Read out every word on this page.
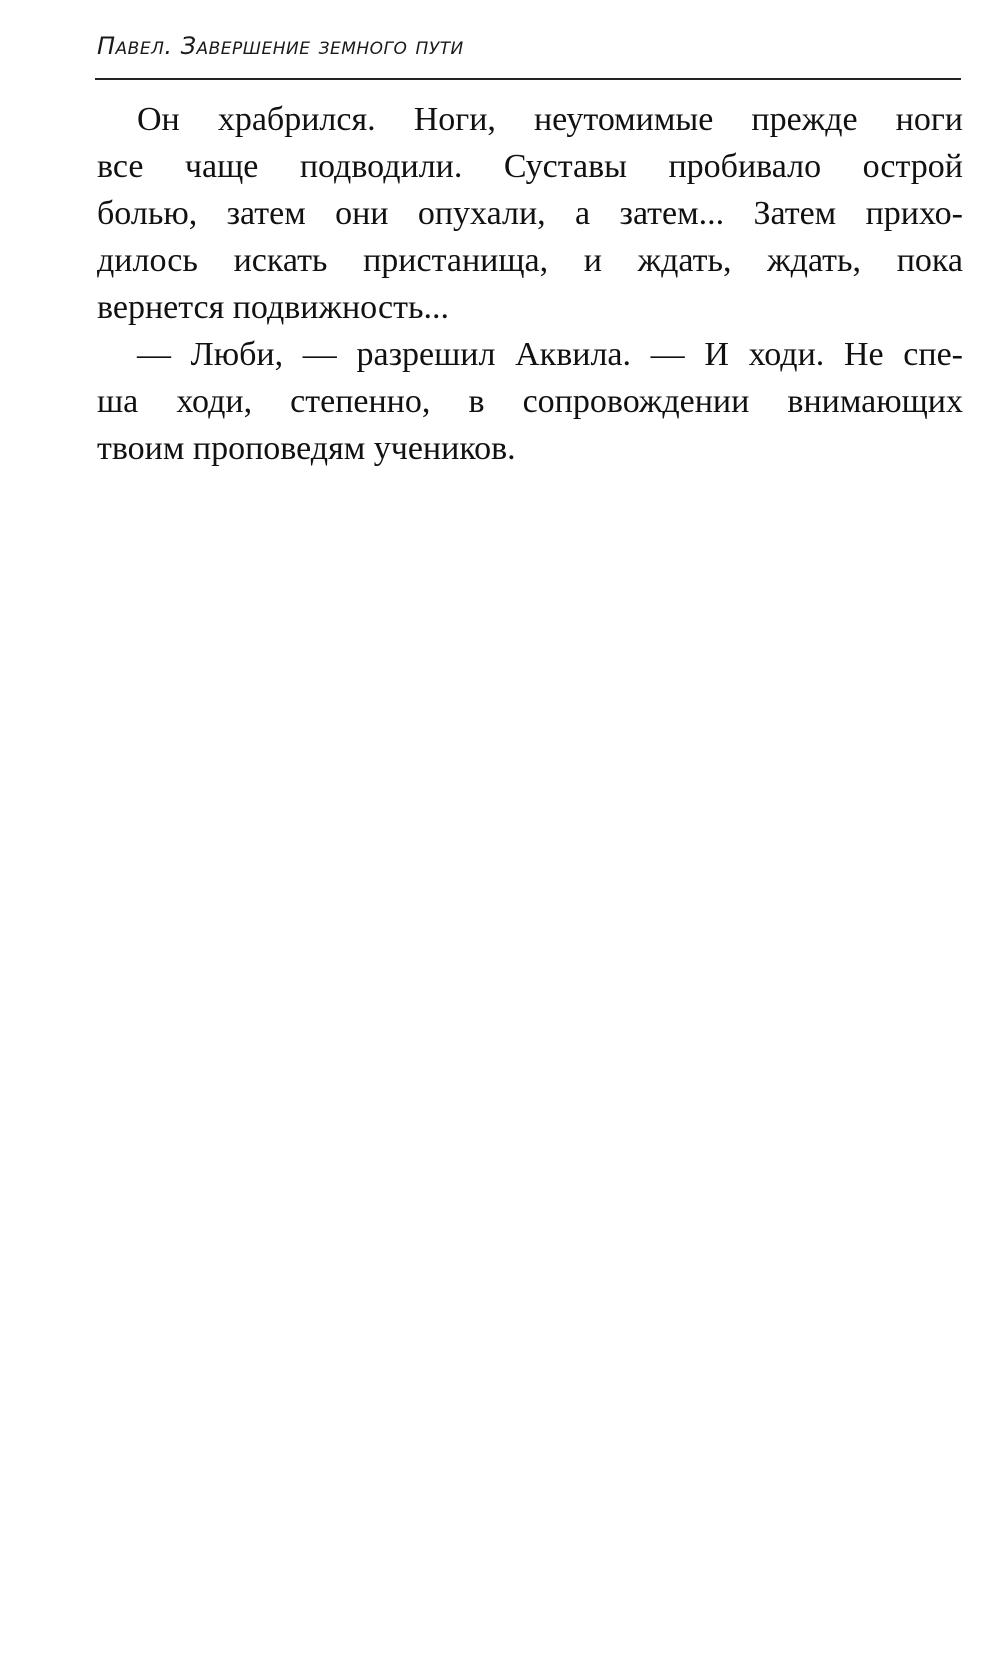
Павел. Завершение земного пути
Он храбрился. Ноги, неутомимые прежде ноги
все чаще подводили. Суставы пробивало острой
болью, затем они опухали, а затем... Затем прихо-
дилось искать пристанища, и ждать, ждать, пока
вернется подвижность...
— Люби, — разрешил Аквила. — И ходи. Не спе-
ша ходи, степенно, в сопровождении внимающих
твоим проповедям учеников.
